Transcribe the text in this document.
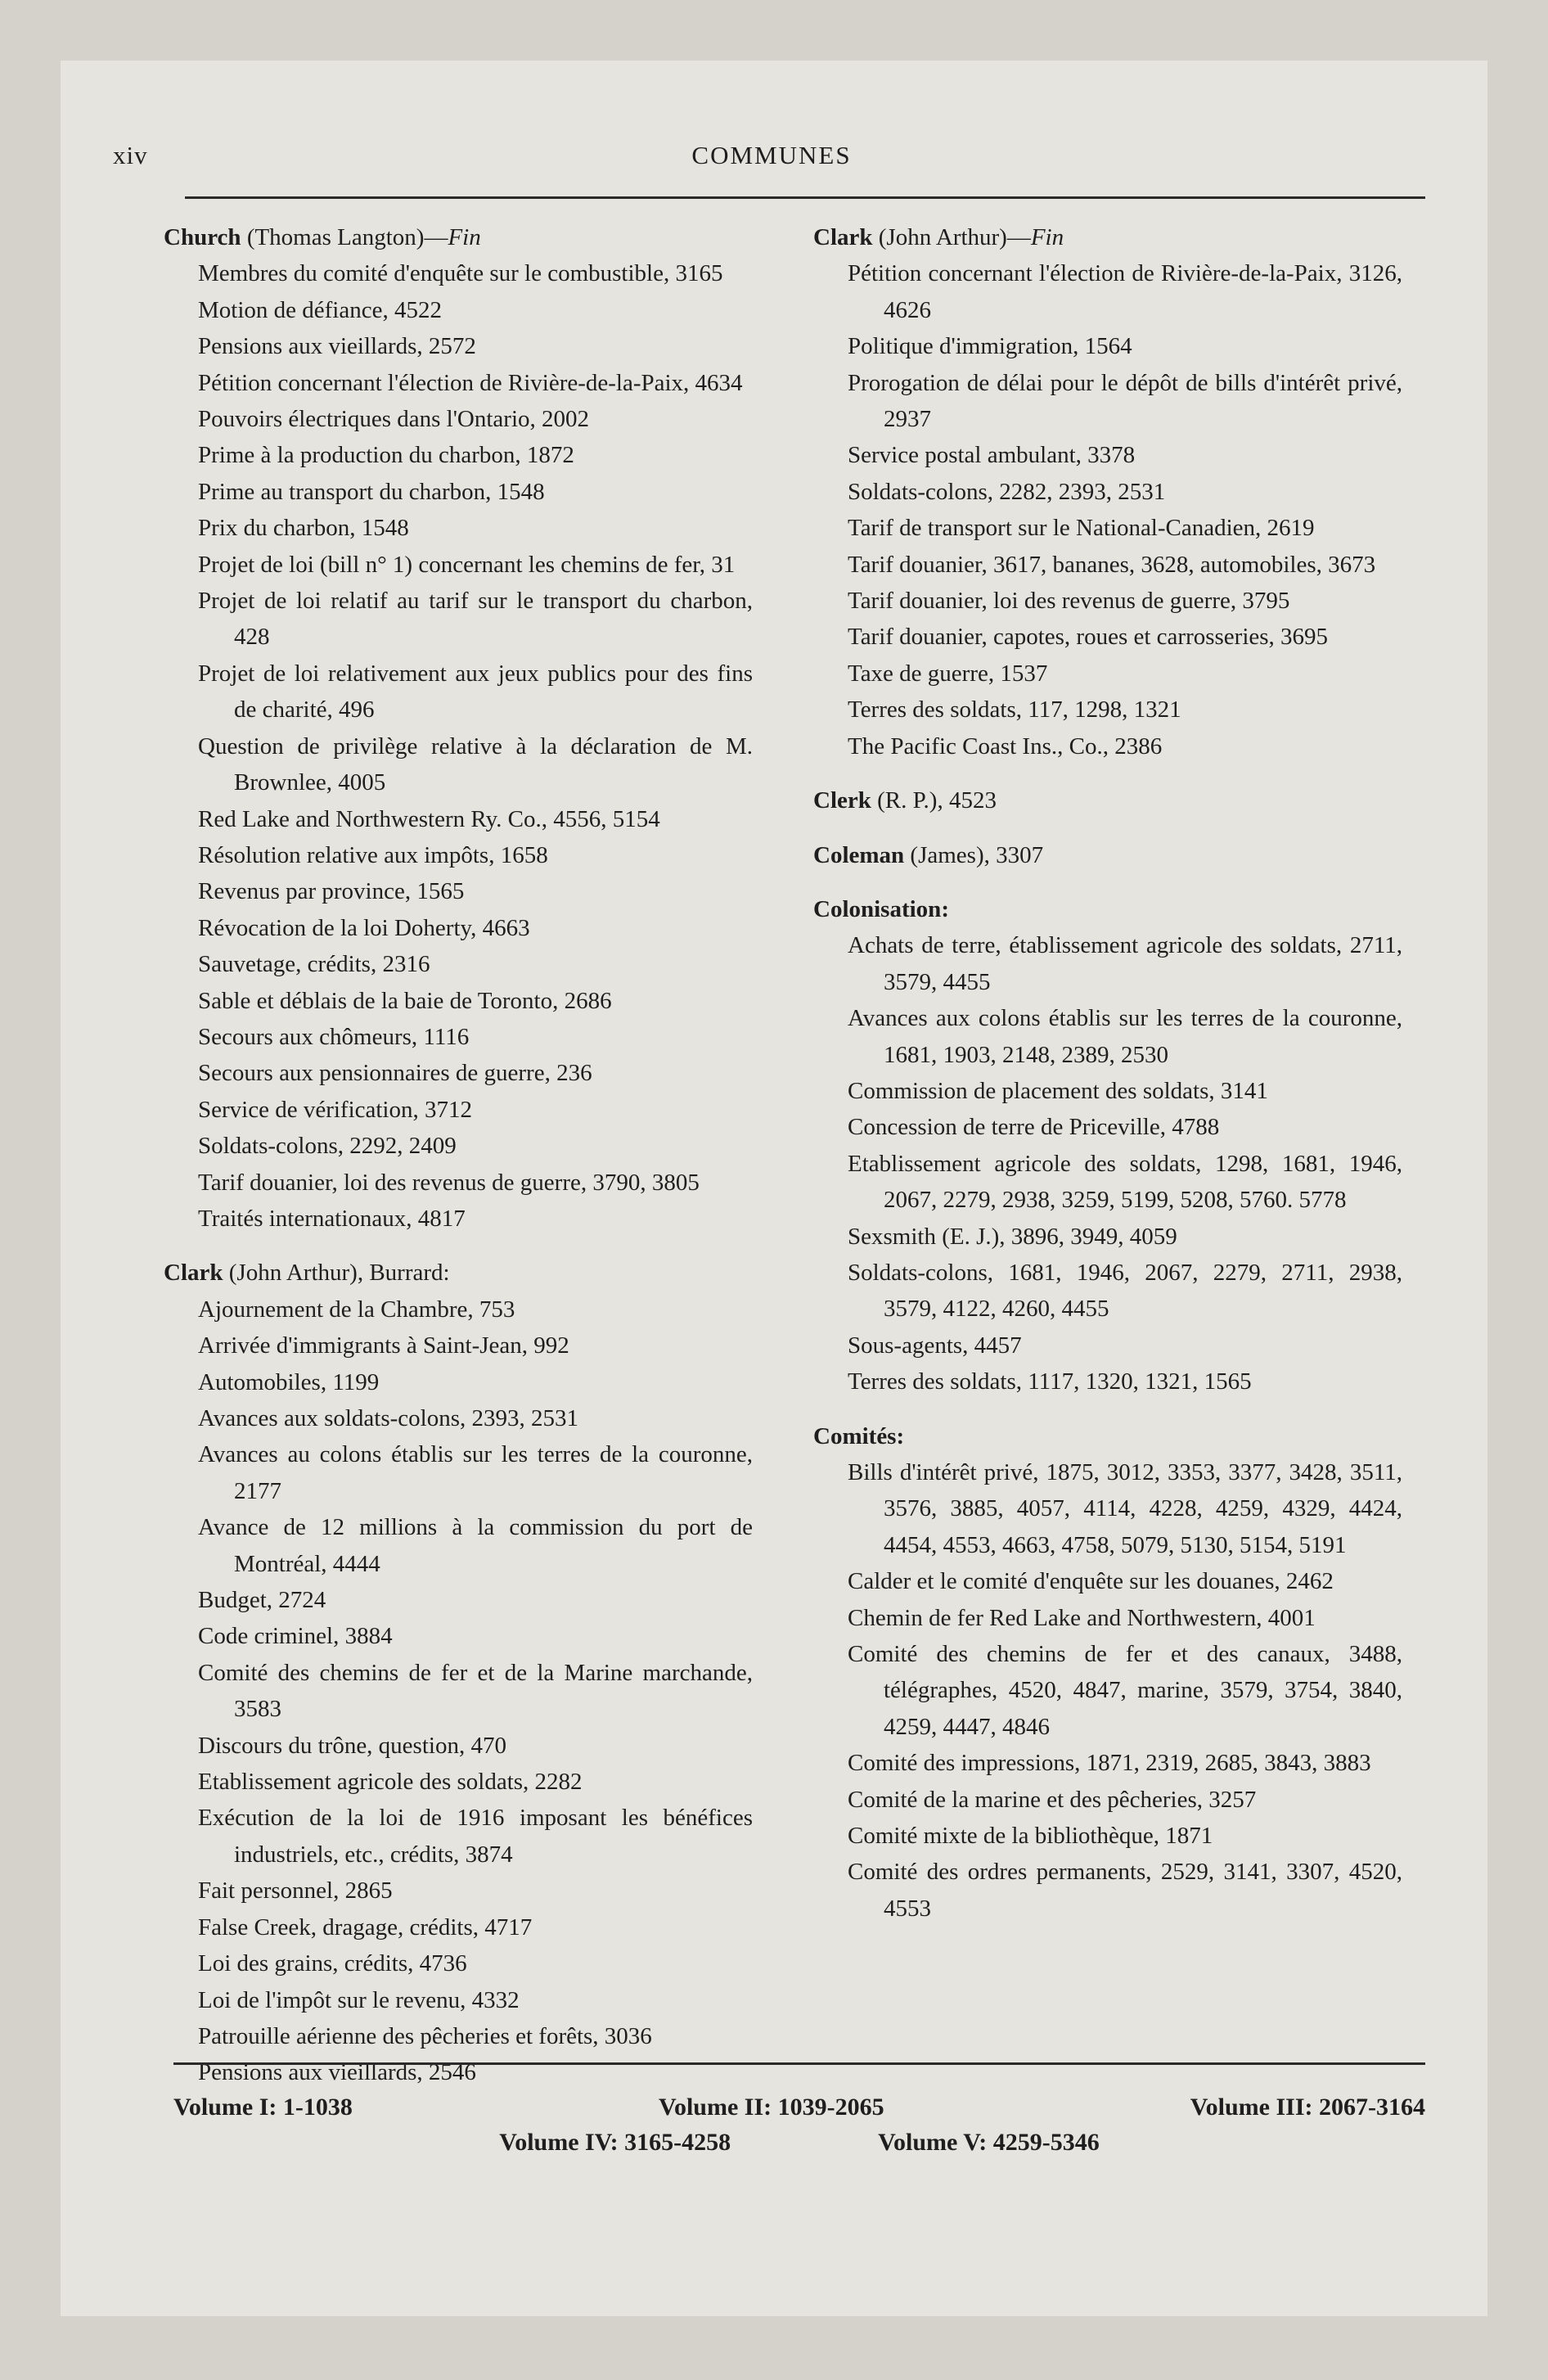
xiv	COMMUNES

Church (Thomas Langton)—Fin

Membres du comité d'enquête sur le combustible, 3165

Motion de défiance, 4522

Pensions aux vieillards, 2572

Pétition concernant l'élection de Rivière-de-la-Paix, 4634

Pouvoirs électriques dans l'Ontario, 2002

Prime à la production du charbon, 1872

Prime au transport du charbon, 1548

Prix du charbon, 1548

Projet de loi (bill n° 1) concernant les chemins de fer, 31

Projet de loi relatif au tarif sur le transport du charbon, 428

Projet de loi relativement aux jeux publics pour des fins de charité, 496

Question de privilège relative à la déclaration de M. Brownlee, 4005

Red Lake and Northwestern Ry. Co., 4556, 5154

Résolution relative aux impôts, 1658

Revenus par province, 1565

Révocation de la loi Doherty, 4663

Sauvetage, crédits, 2316

Sable et déblais de la baie de Toronto, 2686

Secours aux chômeurs, 1116

Secours aux pensionnaires de guerre, 236

Service de vérification, 3712

Soldats-colons, 2292, 2409

Tarif douanier, loi des revenus de guerre, 3790, 3805

Traités internationaux, 4817

Clark (John Arthur), Burrard:

Ajournement de la Chambre, 753

Arrivée d'immigrants à Saint-Jean, 992

Automobiles, 1199

Avances aux soldats-colons, 2393, 2531

Avances au colons établis sur les terres de la couronne, 2177

Avance de 12 millions à la commission du port de Montréal, 4444

Budget, 2724

Code criminel, 3884

Comité des chemins de fer et de la Marine marchande, 3583

Discours du trône, question, 470

Etablissement agricole des soldats, 2282

Exécution de la loi de 1916 imposant les bénéfices industriels, etc., crédits, 3874

Fait personnel, 2865

False Creek, dragage, crédits, 4717

Loi des grains, crédits, 4736

Loi de l'impôt sur le revenu, 4332

Patrouille aérienne des pêcheries et forêts, 3036

Pensions aux vieillards, 2546

Clark (John Arthur)—Fin

Pétition concernant l'élection de Rivière-de-la-Paix, 3126, 4626

Politique d'immigration, 1564

Prorogation de délai pour le dépôt de bills d'intérêt privé, 2937

Service postal ambulant, 3378

Soldats-colons, 2282, 2393, 2531

Tarif de transport sur le National-Canadien, 2619

Tarif douanier, 3617, bananes, 3628, automobiles, 3673

Tarif douanier, loi des revenus de guerre, 3795

Tarif douanier, capotes, roues et carrosseries, 3695

Taxe de guerre, 1537

Terres des soldats, 117, 1298, 1321

The Pacific Coast Ins., Co., 2386

Clerk (R. P.), 4523

Coleman (James), 3307

Colonisation:

Achats de terre, établissement agricole des soldats, 2711, 3579, 4455

Avances aux colons établis sur les terres de la couronne, 1681, 1903, 2148, 2389, 2530

Commission de placement des soldats, 3141

Concession de terre de Priceville, 4788

Etablissement agricole des soldats, 1298, 1681, 1946, 2067, 2279, 2938, 3259, 5199, 5208, 5760. 5778

Sexsmith (E. J.), 3896, 3949, 4059

Soldats-colons, 1681, 1946, 2067, 2279, 2711, 2938, 3579, 4122, 4260, 4455

Sous-agents, 4457

Terres des soldats, 1117, 1320, 1321, 1565

Comités:

Bills d'intérêt privé, 1875, 3012, 3353, 3377, 3428, 3511, 3576, 3885, 4057, 4114, 4228, 4259, 4329, 4424, 4454, 4553, 4663, 4758, 5079, 5130, 5154, 5191

Calder et le comité d'enquête sur les douanes, 2462

Chemin de fer Red Lake and Northwestern, 4001

Comité des chemins de fer et des canaux, 3488, télégraphes, 4520, 4847, marine, 3579, 3754, 3840, 4259, 4447, 4846

Comité des impressions, 1871, 2319, 2685, 3843, 3883

Comité de la marine et des pêcheries, 3257

Comité mixte de la bibliothèque, 1871

Comité des ordres permanents, 2529, 3141, 3307, 4520, 4553

Volume I: 1-1038	Volume II: 1039-2065	Volume III: 2067-3164
Volume IV: 3165-4258	Volume V: 4259-5346
